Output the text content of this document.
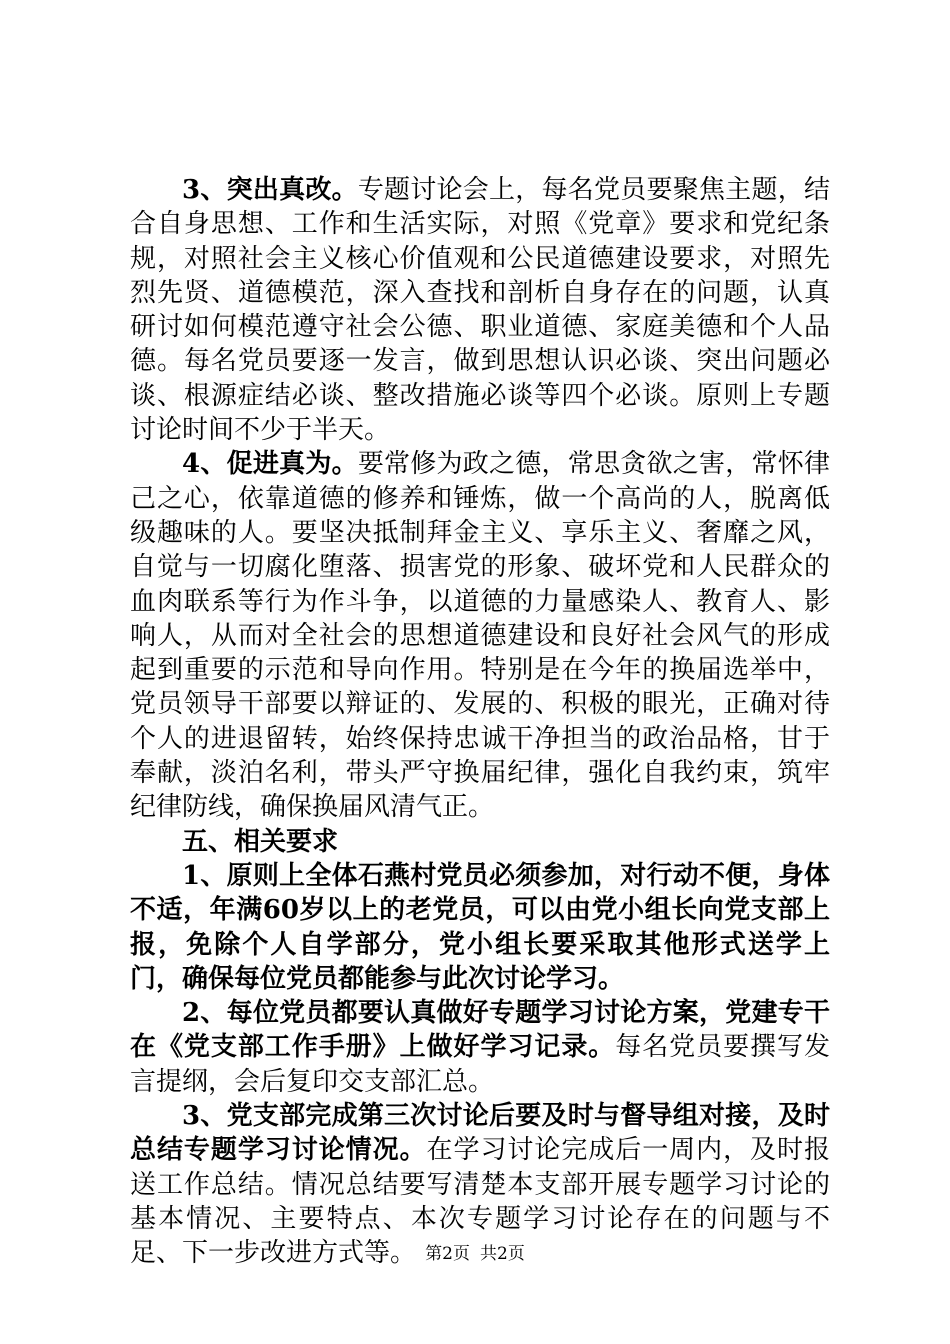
3、突出真改。专题讨论会上，每名党员要聚焦主题，结合自身思想、工作和生活实际，对照《党章》要求和党纪条规，对照社会主义核心价值观和公民道德建设要求，对照先烈先贤、道德模范，深入查找和剖析自身存在的问题，认真研讨如何模范遵守社会公德、职业道德、家庭美德和个人品德。每名党员要逐一发言，做到思想认识必谈、突出问题必谈、根源症结必谈、整改措施必谈等四个必谈。原则上专题讨论时间不少于半天。

4、促进真为。要常修为政之德，常思贪欲之害，常怀律己之心，依靠道德的修养和锤炼，做一个高尚的人，脱离低级趣味的人。要坚决抵制拜金主义、享乐主义、奢靡之风，自觉与一切腐化堕落、损害党的形象、破坏党和人民群众的血肉联系等行为作斗争，以道德的力量感染人、教育人、影响人，从而对全社会的思想道德建设和良好社会风气的形成起到重要的示范和导向作用。特别是在今年的换届选举中，党员领导干部要以辩证的、发展的、积极的眼光，正确对待个人的进退留转，始终保持忠诚干净担当的政治品格，甘于奉献，淡泊名利，带头严守换届纪律，强化自我约束，筑牢纪律防线，确保换届风清气正。

五、相关要求

1、原则上全体石燕村党员必须参加，对行动不便，身体不适，年满60岁以上的老党员，可以由党小组长向党支部上报，免除个人自学部分，党小组长要采取其他形式送学上门，确保每位党员都能参与此次讨论学习。

2、每位党员都要认真做好专题学习讨论方案，党建专干在《党支部工作手册》上做好学习记录。每名党员要撰写发言提纲，会后复印交支部汇总。

3、党支部完成第三次讨论后要及时与督导组对接，及时总结专题学习讨论情况。在学习讨论完成后一周内，及时报送工作总结。情况总结要写清楚本支部开展专题学习讨论的基本情况、主要特点、本次专题学习讨论存在的问题与不足、下一步改进方式等。 第2页 共2页
